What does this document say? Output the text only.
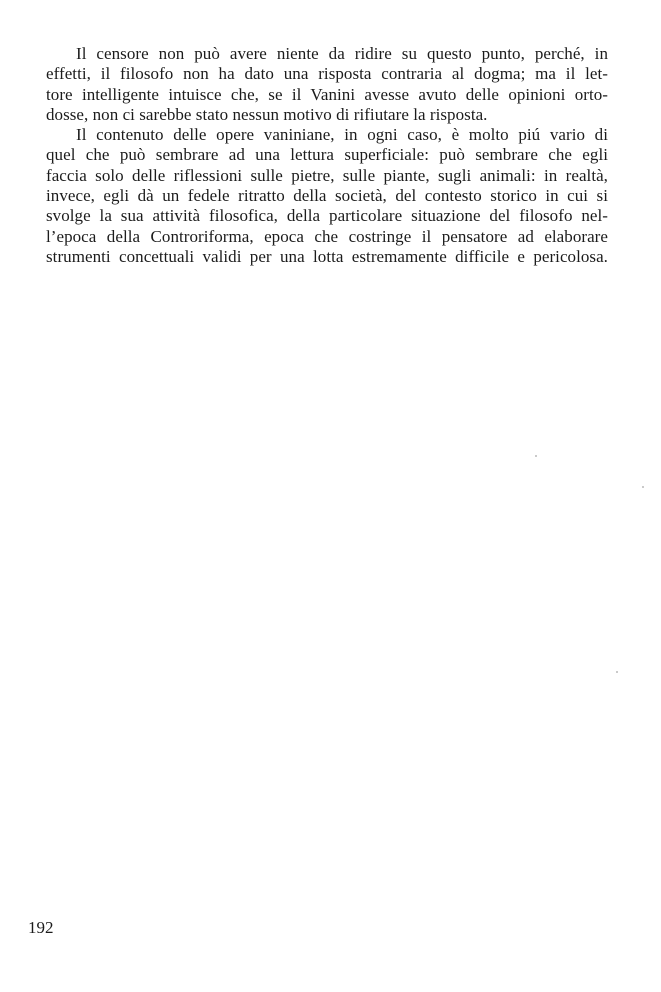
Il censore non può avere niente da ridire su questo punto, perché, in
effetti, il filosofo non ha dato una risposta contraria al dogma; ma il let-
tore intelligente intuisce che, se il Vanini avesse avuto delle opinioni orto-
dosse, non ci sarebbe stato nessun motivo di rifiutare la risposta.
Il contenuto delle opere vaniniane, in ogni caso, è molto piú vario di
quel che può sembrare ad una lettura superficiale: può sembrare che egli
faccia solo delle riflessioni sulle pietre, sulle piante, sugli animali: in realtà,
invece, egli dà un fedele ritratto della società, del contesto storico in cui si
svolge la sua attività filosofica, della particolare situazione del filosofo nel-
l’epoca della Controriforma, epoca che costringe il pensatore ad elaborare
strumenti concettuali validi per una lotta estremamente difficile e pericolosa.
192
